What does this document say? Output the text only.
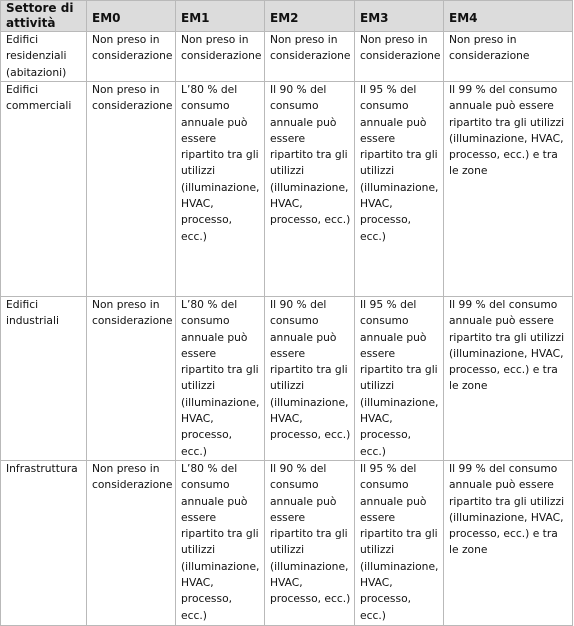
Settore di attività	EM0	EM1	EM2	EM3	EM4
Edifici residenziali (abitazioni)	Non preso in considerazione	Non preso in considerazione	Non preso in considerazione	Non preso in considerazione	Non preso in considerazione
Edifici commerciali	Non preso in considerazione	L’80 % del consumo annuale può essere ripartito tra gli utilizzi (illuminazione, HVAC, processo, ecc.)	Il 90 % del consumo annuale può essere ripartito tra gli utilizzi (illuminazione, HVAC, processo, ecc.)	Il 95 % del consumo annuale può essere ripartito tra gli utilizzi (illuminazione, HVAC, processo, ecc.)	Il 99 % del consumo annuale può essere ripartito tra gli utilizzi (illuminazione, HVAC, processo, ecc.) e tra le zone
Edifici industriali	Non preso in considerazione	L’80 % del consumo annuale può essere ripartito tra gli utilizzi (illuminazione, HVAC, processo, ecc.)	Il 90 % del consumo annuale può essere ripartito tra gli utilizzi (illuminazione, HVAC, processo, ecc.)	Il 95 % del consumo annuale può essere ripartito tra gli utilizzi (illuminazione, HVAC, processo, ecc.)	Il 99 % del consumo annuale può essere ripartito tra gli utilizzi (illuminazione, HVAC, processo, ecc.) e tra le zone
Infrastruttura	Non preso in considerazione	L’80 % del consumo annuale può essere ripartito tra gli utilizzi (illuminazione, HVAC, processo, ecc.)	Il 90 % del consumo annuale può essere ripartito tra gli utilizzi (illuminazione, HVAC, processo, ecc.)	Il 95 % del consumo annuale può essere ripartito tra gli utilizzi (illuminazione, HVAC, processo, ecc.)	Il 99 % del consumo annuale può essere ripartito tra gli utilizzi (illuminazione, HVAC, processo, ecc.) e tra le zone
